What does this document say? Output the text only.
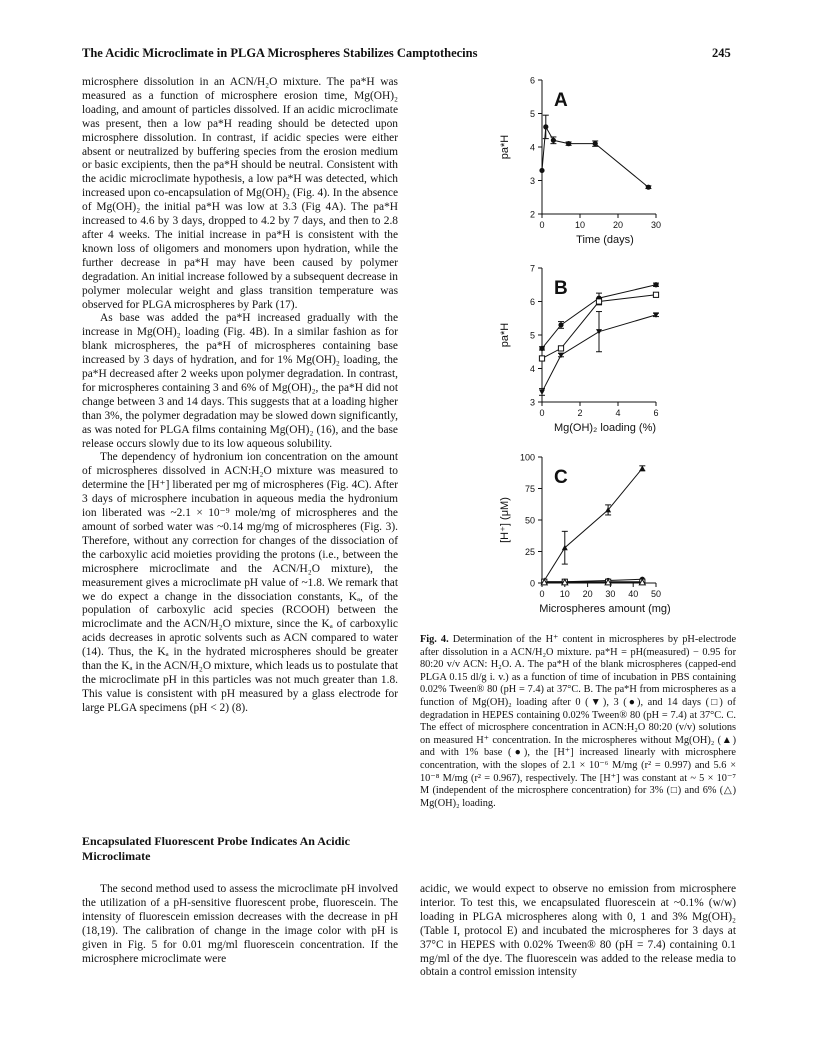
The Acidic Microclimate in PLGA Microspheres Stabilizes Camptothecins	245

microsphere dissolution in an ACN/H₂O mixture. The pa*H was measured as a function of microsphere erosion time, Mg(OH)₂ loading, and amount of particles dissolved. If an acidic microclimate was present, then a low pa*H reading should be detected upon microsphere dissolution. In contrast, if acidic species were either absent or neutralized by buffering species from the erosion medium or basic excipients, then the pa*H should be neutral. Consistent with the acidic microclimate hypothesis, a low pa*H was detected, which increased upon co-encapsulation of Mg(OH)₂ (Fig. 4). In the absence of Mg(OH)₂ the initial pa*H was low at 3.3 (Fig 4A). The pa*H increased to 4.6 by 3 days, dropped to 4.2 by 7 days, and then to 2.8 after 4 weeks. The initial increase in pa*H is consistent with the known loss of oligomers and monomers upon hydration, while the further decrease in pa*H may have been caused by polymer degradation. An initial increase followed by a subsequent decrease in polymer molecular weight and glass transition temperature was observed for PLGA microspheres by Park (17).

As base was added the pa*H increased gradually with the increase in Mg(OH)₂ loading (Fig. 4B). In a similar fashion as for blank microspheres, the pa*H of microspheres containing base increased by 3 days of hydration, and for 1% Mg(OH)₂ loading, the pa*H decreased after 2 weeks upon polymer degradation. In contrast, for microspheres containing 3 and 6% of Mg(OH)₂, the pa*H did not change between 3 and 14 days. This suggests that at a loading higher than 3%, the polymer degradation may be slowed down significantly, as was noted for PLGA films containing Mg(OH)₂ (16), and the base release occurs slowly due to its low aqueous solubility.

The dependency of hydronium ion concentration on the amount of microspheres dissolved in ACN:H₂O mixture was measured to determine the [H⁺] liberated per mg of microspheres (Fig. 4C). After 3 days of microsphere incubation in aqueous media the hydronium ion liberated was ~2.1 × 10⁻⁹ mole/mg of microspheres and the amount of sorbed water was ~0.14 mg/mg of microspheres (Fig. 3). Therefore, without any correction for changes of the dissociation of the carboxylic acid moieties providing the protons (i.e., between the microsphere microclimate and the ACN/H₂O mixture), the measurement gives a microclimate pH value of ~1.8. We remark that we do expect a change in the dissociation constants, Kₐ, of the population of carboxylic acid species (RCOOH) between the microclimate and the ACN/H₂O mixture, since the Kₐ of carboxylic acids decreases in aprotic solvents such as ACN compared to water (14). Thus, the Kₐ in the hydrated microspheres should be greater than the Kₐ in the ACN/H₂O mixture, which leads us to postulate that the microclimate pH in this particles was not much greater than 1.8. This value is consistent with pH measured by a glass electrode for large PLGA specimens (pH < 2) (8).

Encapsulated Fluorescent Probe Indicates An Acidic Microclimate

The second method used to assess the microclimate pH involved the utilization of a pH-sensitive fluorescent probe, fluorescein. The intensity of fluorescein emission decreases with the decrease in pH (18,19). The calibration of change in the image color with pH is given in Fig. 5 for 0.01 mg/ml fluorescein concentration. If the microsphere microclimate were

acidic, we would expect to observe no emission from microsphere interior. To test this, we encapsulated fluorescein at ~0.1% (w/w) loading in PLGA microspheres along with 0, 1 and 3% Mg(OH)₂ (Table I, protocol E) and incubated the microspheres for 3 days at 37°C in HEPES with 0.02% Tween® 80 (pH = 7.4) containing 0.1 mg/ml of the dye. The fluorescein was added to the release media to obtain a control emission intensity

Fig. 4. Determination of the H⁺ content in microspheres by pH-electrode after dissolution in a ACN/H₂O mixture. pa*H = pH(measured) − 0.95 for 80:20 v/v ACN: H₂O. A. The pa*H of the blank microspheres (capped-end PLGA 0.15 dl/g i. v.) as a function of time of incubation in PBS containing 0.02% Tween® 80 (pH = 7.4) at 37°C. B. The pa*H from microspheres as a function of Mg(OH)₂ loading after 0 (▼), 3 (●), and 14 days (□) of degradation in HEPES containing 0.02% Tween® 80 (pH = 7.4) at 37°C. C. The effect of microsphere concentration in ACN:H₂O 80:20 (v/v) solutions on measured H⁺ concentration. In the microspheres without Mg(OH)₂ (▲) and with 1% base (●), the [H⁺] increased linearly with microsphere concentration, with the slopes of 2.1 × 10⁻⁶ M/mg (r² = 0.997) and 5.6 × 10⁻⁸ M/mg (r² = 0.967), respectively. The [H⁺] was constant at ~ 5 × 10⁻⁷ M (independent of the microsphere concentration) for 3% (□) and 6% (△) Mg(OH)₂ loading.
2
3
4
5
6
0	10	20	30
Time (days)
pa*H
A
3
4
5
6
7
0	2	4	6
Mg(OH)₂ loading (%)
pa*H
B
0
25
50
75
100
0 10 20 30 40 50
Microspheres amount (mg)
[H⁺] (μM)
C
